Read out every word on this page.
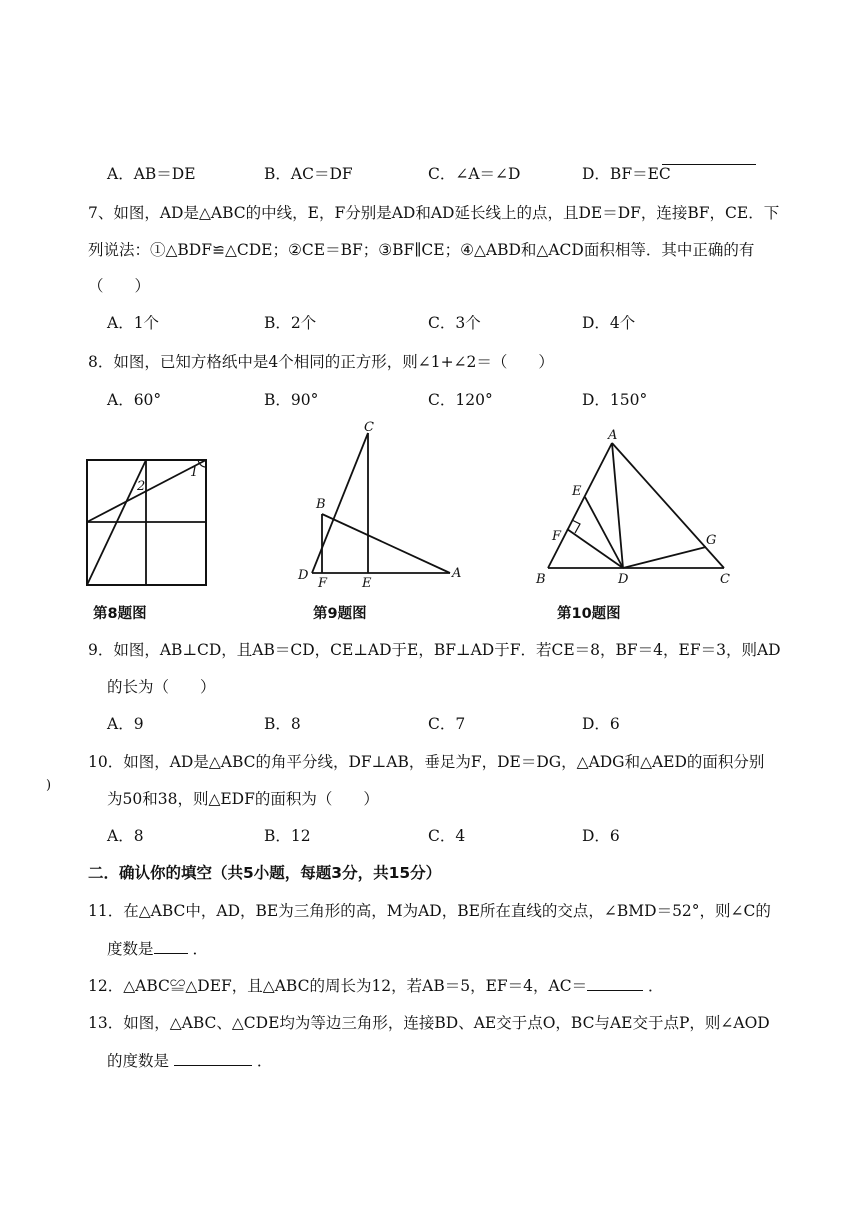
A．AB＝DE	B．AC＝DF	C．∠A＝∠D	D．BF＝EC
7、如图，AD是△ABC的中线，E，F分别是AD和AD延长线上的点，且DE＝DF，连接BF，CE．下
列说法：①△BDF≌△CDE；②CE＝BF；③BF∥CE；④△ABD和△ACD面积相等．其中正确的有
（　　）
A．1个	B．2个	C．3个	D．4个
8．如图，已知方格纸中是4个相同的正方形，则∠1+∠2＝（　　）
A．60°	B．90°	C．120°	D．150°
2
1
第8题图
C
B
D
F	E
A
第9题图
A
E
F	G
B	D	C
第10题图
9．如图，AB⊥CD，且AB＝CD，CE⊥AD于E，BF⊥AD于F．若CE＝8，BF＝4，EF＝3，则AD
的长为（　　）
A．9	B．8	C．7	D．6
)
10．如图，AD是△ABC的角平分线，DF⊥AB，垂足为F，DE＝DG，△ADG和△AED的面积分别
为50和38，则△EDF的面积为（　　）
A．8	B．12	C．4	D．6
二．确认你的填空（共5小题，每题3分，共15分）
11．在△ABC中，AD，BE为三角形的高，M为AD，BE所在直线的交点，∠BMD＝52°，则∠C的
度数是	．
12．△ABC≌△DEF，且△ABC的周长为12，若AB＝5，EF＝4，AC＝	．
13．如图，△ABC、△CDE均为等边三角形，连接BD、AE交于点O，BC与AE交于点P，则∠AOD
的度数是	．
